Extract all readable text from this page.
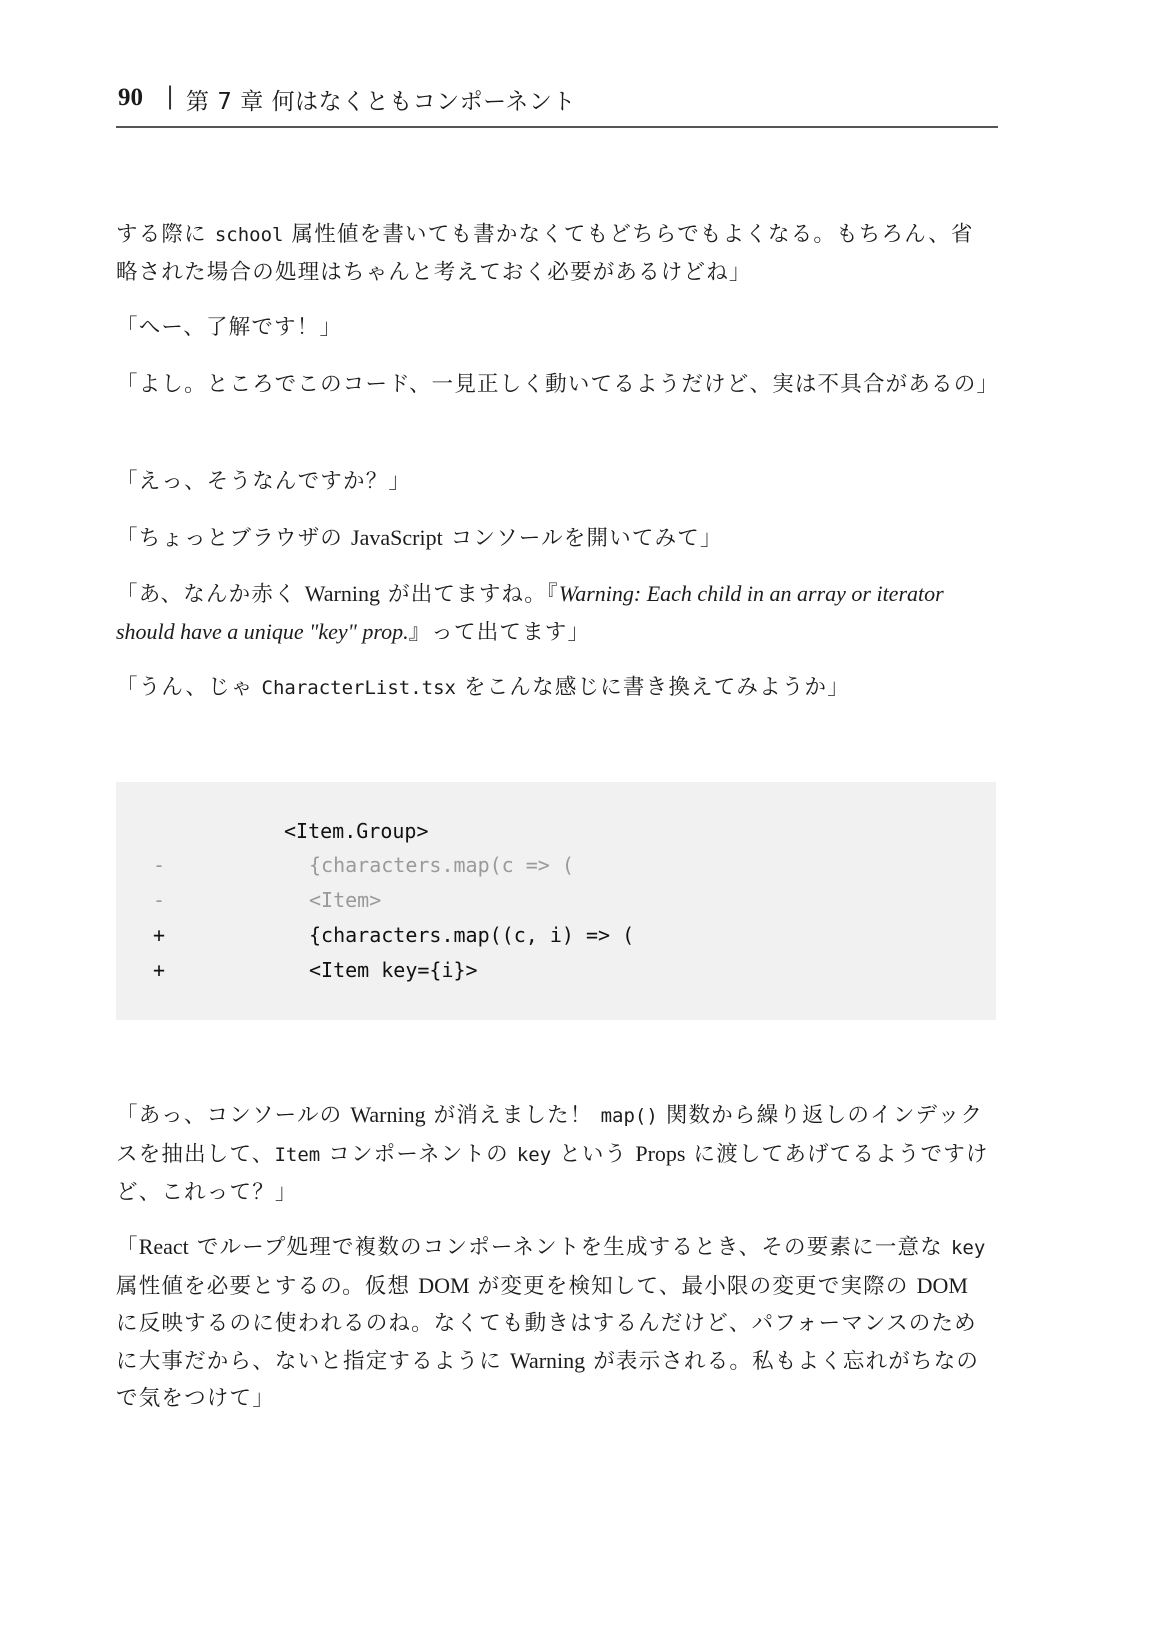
90 | 第 7 章 何はなくともコンポーネント

する際に school 属性値を書いても書かなくてもどちらでもよくなる。もちろん、省略された場合の処理はちゃんと考えておく必要があるけどね」

「へー、了解です！」

「よし。ところでこのコード、一見正しく動いてるようだけど、実は不具合があるの」

「えっ、そうなんですか？」

「ちょっとブラウザの JavaScript コンソールを開いてみて」

「あ、なんか赤く Warning が出てますね。『Warning: Each child in an array or iterator should have a unique "key" prop.』って出てます」

「うん、じゃ CharacterList.tsx をこんな感じに書き換えてみようか」

<Item.Group>
-	{characters.map(c => (
-	<Item>
+	{characters.map((c, i) => (
+	<Item key={i}>

「あっ、コンソールの Warning が消えました！ map() 関数から繰り返しのインデックスを抽出して、Item コンポーネントの key という Props に渡してあげてるようですけど、これって？」

「React でループ処理で複数のコンポーネントを生成するとき、その要素に一意な key 属性値を必要とするの。仮想 DOM が変更を検知して、最小限の変更で実際の DOM に反映するのに使われるのね。なくても動きはするんだけど、パフォーマンスのために大事だから、ないと指定するように Warning が表示される。私もよく忘れがちなので気をつけて」
